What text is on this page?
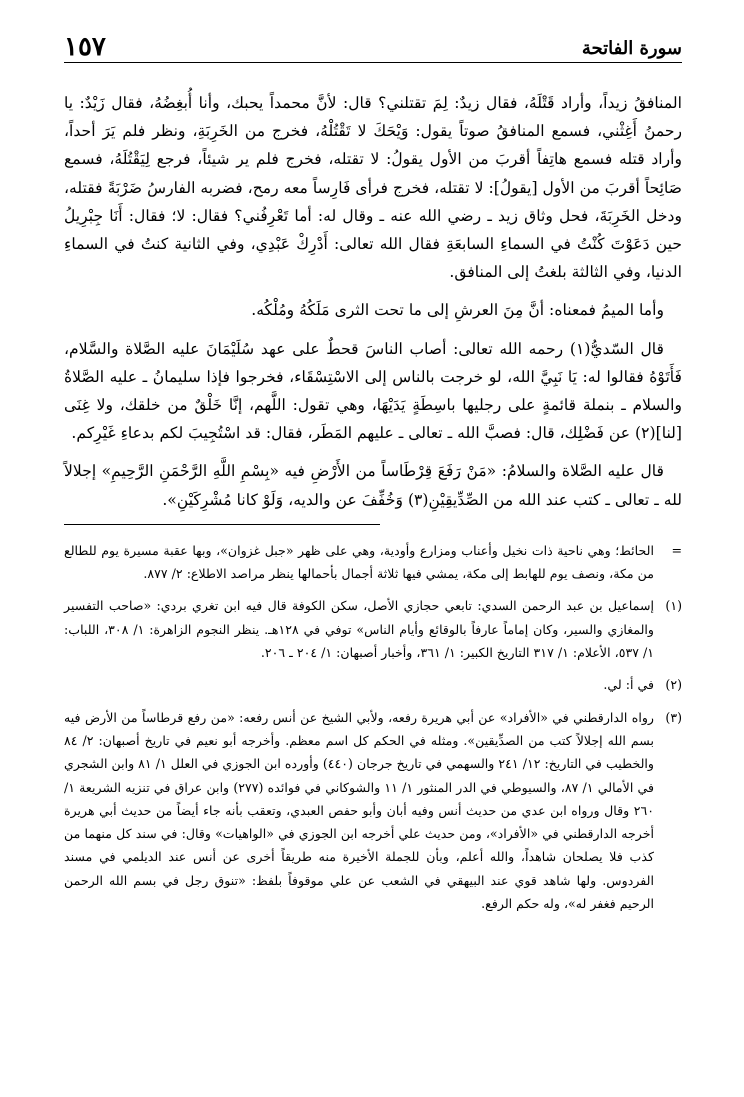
سورة الفاتحة
١٥٧

المنافقُ زيداً، وأراد قَتْلَهُ، فقال زيدٌ: لِمَ تقتلني؟ قال: لأنَّ محمداً يحبك، وأنا أُبغِضُهُ، فقال زَيْدٌ: يا رحمنُ أَغِثْني، فسمع المنافقُ صوتاً يقول: وَيْحَكَ لا تَقْتُلْهُ، فخرج من الخَرِبَةِ، ونظر فلم يَرَ أحداً، وأراد قتله فسمع هاتِفاً أقربَ من الأول يقولُ: لا تقتله، فخرج فلم ير شيئاً، فرجع لِيَقْتُلَهُ، فسمع صَائِحاً أقربَ من الأول [يقولُ]: لا تقتله، فخرج فرأى فَارِساً معه رمح، فضربه الفارسُ ضَرْبَةً فقتله، ودخل الخَرِبَةَ، فحل وثاق زيد ـ رضي الله عنه ـ وقال له: أما تَعْرِفُني؟ فقال: لا؛ فقال: أَنَا جِبْرِيلُ حين دَعَوْتَ كُنْتُ في السماءِ السابعَةِ فقال الله تعالى: أَدْرِكْ عَبْدِي، وفي الثانية كنتُ في السماءِ الدنيا، وفي الثالثة بلغتُ إلى المنافق.

وأما الميمُ فمعناه: أنَّ مِنَ العرشِ إلى ما تحت الثرى مَلَكُهُ ومُلْكُه.

قال السّديُّ(١) رحمه الله تعالى: أصاب الناسَ قحطٌ على عهد سُلَيْمَانَ عليه الصَّلاة والسَّلام، فَأَتَوْهُ فقالوا له: يَا نَبِيَّ الله، لو خرجت بالناس إلى الاسْتِسْقَاء، فخرجوا فإذا سليمانُ ـ عليه الصَّلاةُ والسلام ـ بنملة قائمةٍ على رجليها باسِطَةٍ يَدَيْهَا، وهي تقول: اللَّهم، إنَّا خَلْقٌ من خلقك، ولا غِنَى [لنا](٢) عن فَضْلِك، قال: فصبَّ الله ـ تعالى ـ عليهم المَطَر، فقال: قد اسْتُجِيبَ لكم بدعاءِ غَيْرِكم.

قال عليه الصَّلاة والسلامُ: «مَنْ رَفَعَ قِرْطَاساً من الأَرْضِ فيه «بِسْمِ اللَّهِ الرَّحْمَنِ الرَّحِيمِ» إجلالاً لله ـ تعالى ـ كتب عند الله من الصِّدِّيقِيْنِ(٣) وَخُفِّفَ عن والديه، وَلَوْ كانا مُشْرِكَيْنِ».

=
الحائط؛ وهي ناحية ذات نخيل وأعناب ومزارع وأودية، وهي على ظهر «جبل غزوان»، وبها عقبة مسيرة يوم للطالع من مكة، ونصف يوم للهابط إلى مكة، يمشي فيها ثلاثة أجمال بأحمالها ينظر مراصد الاطلاع: ٢/ ٨٧٧.
(١)
إسماعيل بن عبد الرحمن السدي: تابعي حجازي الأصل، سكن الكوفة قال فيه ابن تغري بردي: «صاحب التفسير والمغازي والسير، وكان إماماً عارفاً بالوقائع وأيام الناس» توفي في ١٢٨هـ. ينظر النجوم الزاهرة: ١/ ٣٠٨، اللباب: ١/ ٥٣٧، الأعلام: ١/ ٣١٧ التاريخ الكبير: ١/ ٣٦١، وأخبار أصبهان: ١/ ٢٠٤ ـ ٢٠٦.
(٢)
في أ: لي.
(٣)
رواه الدارقطني في «الأفراد» عن أبي هريرة رفعه، ولأبي الشيخ عن أنس رفعه: «من رفع قرطاساً من الأرض فيه بسم الله إجلالاً كتب من الصدِّيقين». ومثله في الحكم كل اسم معظم. وأخرجه أبو نعيم في تاريخ أصبهان: ٢/ ٨٤ والخطيب في التاريخ: ١٢/ ٢٤١ والسهمي في تاريخ جرجان (٤٤٠) وأورده ابن الجوزي في العلل ١/ ٨١ وابن الشجري في الأمالي ١/ ٨٧، والسيوطي في الدر المنثور ١/ ١١ والشوكاني في فوائده (٢٧٧) وابن عراق في تنزيه الشريعة ١/ ٢٦٠ وقال ورواه ابن عدي من حديث أنس وفيه أبان وأبو حفص العبدي، وتعقب بأنه جاء أيضاً من حديث أبي هريرة أخرجه الدارقطني في «الأفراد»، ومن حديث علي أخرجه ابن الجوزي في «الواهيات» وقال: في سند كل منهما من كذب فلا يصلحان شاهداً، والله أعلم، وبأن للجملة الأخيرة منه طريقاً أخرى عن أنس عند الديلمي في مسند الفردوس. ولها شاهد قوي عند البيهقي في الشعب عن علي موقوفاً بلفظ: «تنوق رجل في بسم الله الرحمن الرحيم فغفر له»، وله حكم الرفع.
